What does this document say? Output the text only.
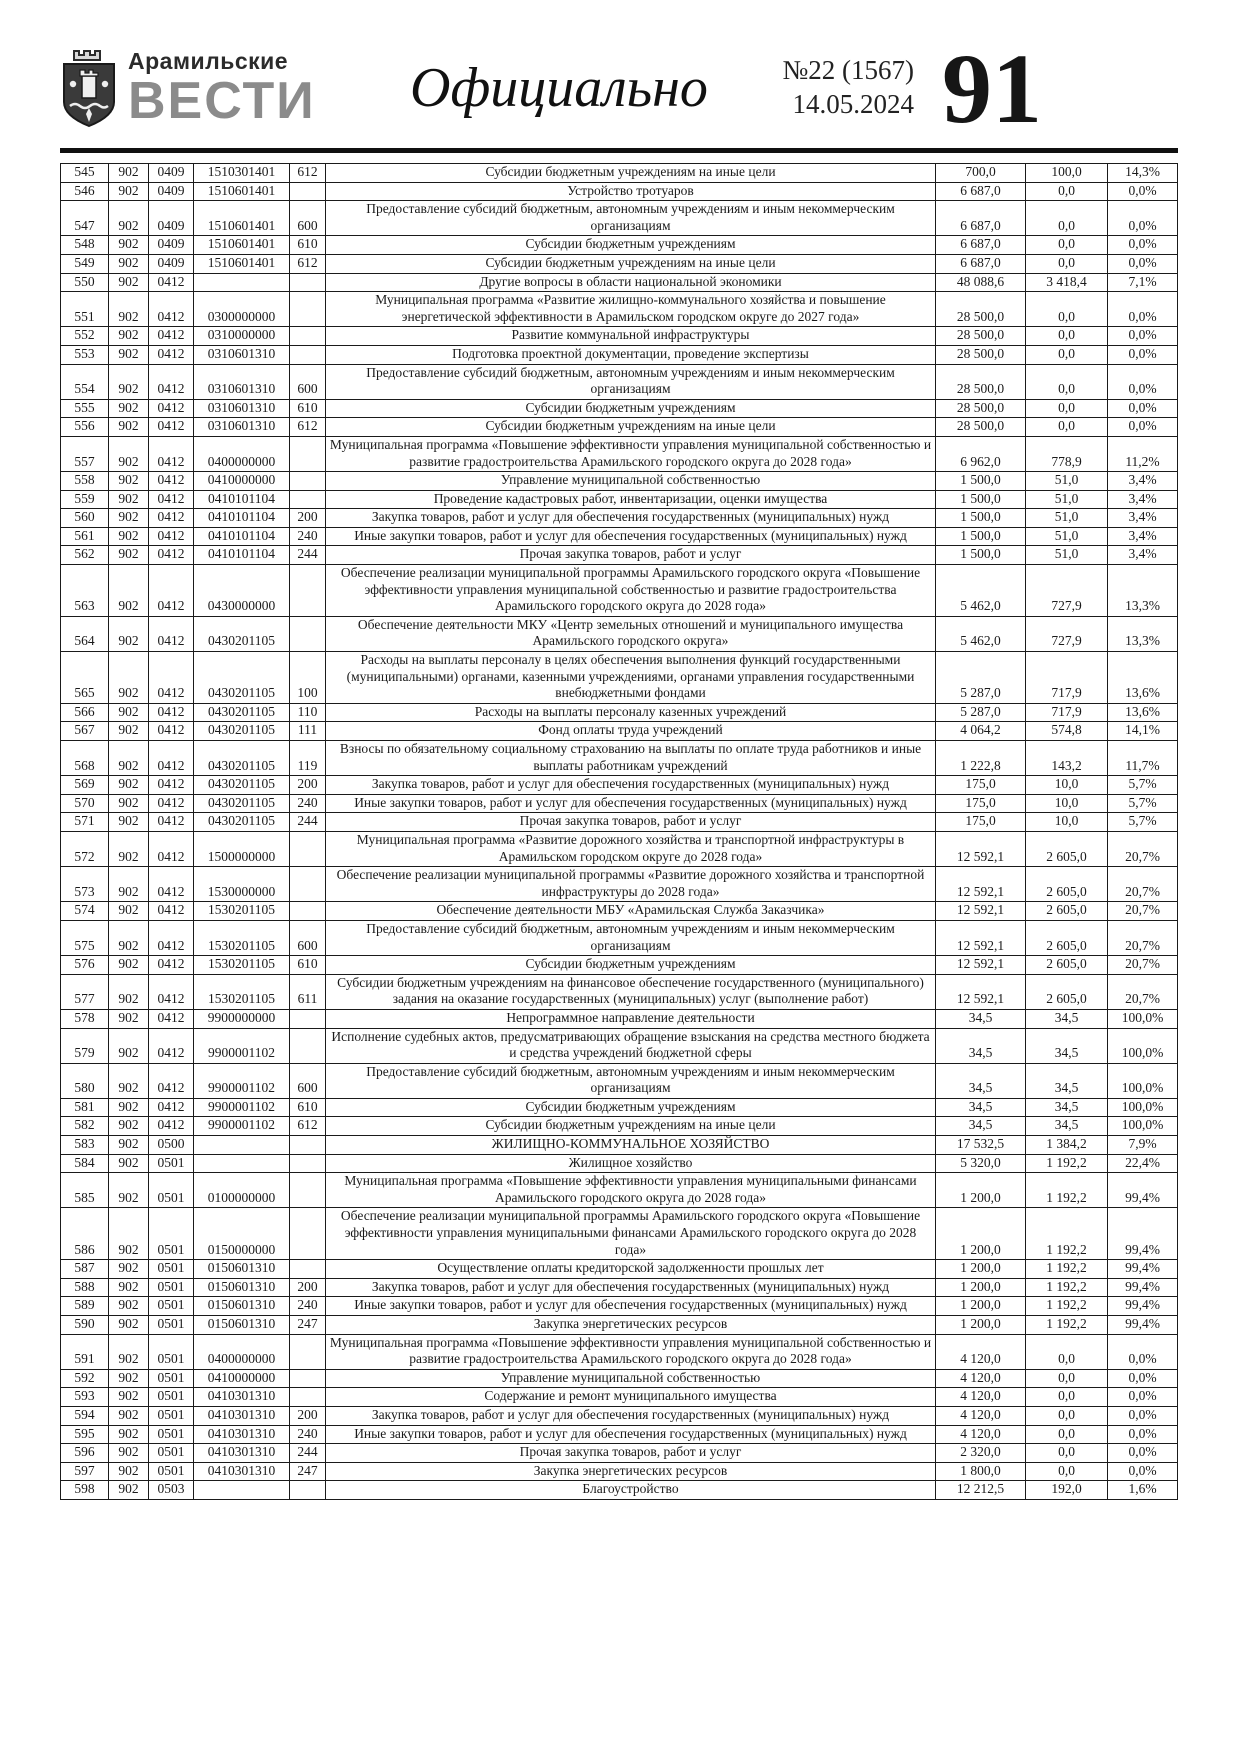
Арамильские
ВЕСТИ Официально	№22 (1567)
14.05.2024 91
545	902	0409	1510301401	612	Субсидии бюджетным учреждениям на иные цели	700,0	100,0	14,3%
546	902	0409	1510601401		Устройство тротуаров	6 687,0	0,0	0,0%
547	902	0409	1510601401	600	Предоставление субсидий бюджетным, автономным учреждениям и иным некоммерческим организациям	6 687,0	0,0	0,0%
548	902	0409	1510601401	610	Субсидии бюджетным учреждениям	6 687,0	0,0	0,0%
549	902	0409	1510601401	612	Субсидии бюджетным учреждениям на иные цели	6 687,0	0,0	0,0%
550	902	0412			Другие вопросы в области национальной экономики	48 088,6	3 418,4	7,1%
551	902	0412	0300000000		Муниципальная программа «Развитие жилищно-коммунального хозяйства и повышение энергетической эффективности в Арамильском городском округе до 2027 года»	28 500,0	0,0	0,0%
552	902	0412	0310000000		Развитие коммунальной инфраструктуры	28 500,0	0,0	0,0%
553	902	0412	0310601310		Подготовка проектной документации, проведение экспертизы	28 500,0	0,0	0,0%
554	902	0412	0310601310	600	Предоставление субсидий бюджетным, автономным учреждениям и иным некоммерческим организациям	28 500,0	0,0	0,0%
555	902	0412	0310601310	610	Субсидии бюджетным учреждениям	28 500,0	0,0	0,0%
556	902	0412	0310601310	612	Субсидии бюджетным учреждениям на иные цели	28 500,0	0,0	0,0%
557	902	0412	0400000000		Муниципальная программа «Повышение эффективности управления муниципальной собственностью и развитие градостроительства Арамильского городского округа до 2028 года»	6 962,0	778,9	11,2%
558	902	0412	0410000000		Управление муниципальной собственностью	1 500,0	51,0	3,4%
559	902	0412	0410101104		Проведение кадастровых работ, инвентаризации, оценки имущества	1 500,0	51,0	3,4%
560	902	0412	0410101104	200	Закупка товаров, работ и услуг для обеспечения государственных (муниципальных) нужд	1 500,0	51,0	3,4%
561	902	0412	0410101104	240	Иные закупки товаров, работ и услуг для обеспечения государственных (муниципальных) нужд	1 500,0	51,0	3,4%
562	902	0412	0410101104	244	Прочая закупка товаров, работ и услуг	1 500,0	51,0	3,4%
563	902	0412	0430000000		Обеспечение реализации муниципальной программы Арамильского городского округа «Повышение эффективности управления муниципальной собственностью и развитие градостроительства Арамильского городского округа до 2028 года»	5 462,0	727,9	13,3%
564	902	0412	0430201105		Обеспечение деятельности МКУ «Центр земельных отношений и муниципального имущества Арамильского городского округа»	5 462,0	727,9	13,3%
565	902	0412	0430201105	100	Расходы на выплаты персоналу в целях обеспечения выполнения функций государственными (муниципальными) органами, казенными учреждениями, органами управления государственными внебюджетными фондами	5 287,0	717,9	13,6%
566	902	0412	0430201105	110	Расходы на выплаты персоналу казенных учреждений	5 287,0	717,9	13,6%
567	902	0412	0430201105	111	Фонд оплаты труда учреждений	4 064,2	574,8	14,1%
568	902	0412	0430201105	119	Взносы по обязательному социальному страхованию на выплаты по оплате труда работников и иные выплаты работникам учреждений	1 222,8	143,2	11,7%
569	902	0412	0430201105	200	Закупка товаров, работ и услуг для обеспечения государственных (муниципальных) нужд	175,0	10,0	5,7%
570	902	0412	0430201105	240	Иные закупки товаров, работ и услуг для обеспечения государственных (муниципальных) нужд	175,0	10,0	5,7%
571	902	0412	0430201105	244	Прочая закупка товаров, работ и услуг	175,0	10,0	5,7%
572	902	0412	1500000000		Муниципальная программа «Развитие дорожного хозяйства и транспортной инфраструктуры в Арамильском городском округе до 2028 года»	12 592,1	2 605,0	20,7%
573	902	0412	1530000000		Обеспечение реализации муниципальной программы «Развитие дорожного хозяйства и транспортной инфраструктуры до 2028 года»	12 592,1	2 605,0	20,7%
574	902	0412	1530201105		Обеспечение деятельности МБУ «Арамильская Служба Заказчика»	12 592,1	2 605,0	20,7%
575	902	0412	1530201105	600	Предоставление субсидий бюджетным, автономным учреждениям и иным некоммерческим организациям	12 592,1	2 605,0	20,7%
576	902	0412	1530201105	610	Субсидии бюджетным учреждениям	12 592,1	2 605,0	20,7%
577	902	0412	1530201105	611	Субсидии бюджетным учреждениям на финансовое обеспечение государственного (муниципального) задания на оказание государственных (муниципальных) услуг (выполнение работ)	12 592,1	2 605,0	20,7%
578	902	0412	9900000000		Непрограммное направление деятельности	34,5	34,5	100,0%
579	902	0412	9900001102		Исполнение судебных актов, предусматривающих обращение взыскания на средства местного бюджета и средства учреждений бюджетной сферы	34,5	34,5	100,0%
580	902	0412	9900001102	600	Предоставление субсидий бюджетным, автономным учреждениям и иным некоммерческим организациям	34,5	34,5	100,0%
581	902	0412	9900001102	610	Субсидии бюджетным учреждениям	34,5	34,5	100,0%
582	902	0412	9900001102	612	Субсидии бюджетным учреждениям на иные цели	34,5	34,5	100,0%
583	902	0500			ЖИЛИЩНО-КОММУНАЛЬНОЕ ХОЗЯЙСТВО	17 532,5	1 384,2	7,9%
584	902	0501			Жилищное хозяйство	5 320,0	1 192,2	22,4%
585	902	0501	0100000000		Муниципальная программа «Повышение эффективности управления муниципальными финансами Арамильского городского округа до 2028 года»	1 200,0	1 192,2	99,4%
586	902	0501	0150000000		Обеспечение реализации муниципальной программы Арамильского городского округа «Повышение эффективности управления муниципальными финансами Арамильского городского округа до 2028 года»	1 200,0	1 192,2	99,4%
587	902	0501	0150601310		Осуществление оплаты кредиторской задолженности прошлых лет	1 200,0	1 192,2	99,4%
588	902	0501	0150601310	200	Закупка товаров, работ и услуг для обеспечения государственных (муниципальных) нужд	1 200,0	1 192,2	99,4%
589	902	0501	0150601310	240	Иные закупки товаров, работ и услуг для обеспечения государственных (муниципальных) нужд	1 200,0	1 192,2	99,4%
590	902	0501	0150601310	247	Закупка энергетических ресурсов	1 200,0	1 192,2	99,4%
591	902	0501	0400000000		Муниципальная программа «Повышение эффективности управления муниципальной собственностью и развитие градостроительства Арамильского городского округа до 2028 года»	4 120,0	0,0	0,0%
592	902	0501	0410000000		Управление муниципальной собственностью	4 120,0	0,0	0,0%
593	902	0501	0410301310		Содержание и ремонт муниципального имущества	4 120,0	0,0	0,0%
594	902	0501	0410301310	200	Закупка товаров, работ и услуг для обеспечения государственных (муниципальных) нужд	4 120,0	0,0	0,0%
595	902	0501	0410301310	240	Иные закупки товаров, работ и услуг для обеспечения государственных (муниципальных) нужд	4 120,0	0,0	0,0%
596	902	0501	0410301310	244	Прочая закупка товаров, работ и услуг	2 320,0	0,0	0,0%
597	902	0501	0410301310	247	Закупка энергетических ресурсов	1 800,0	0,0	0,0%
598	902	0503			Благоустройство	12 212,5	192,0	1,6%
